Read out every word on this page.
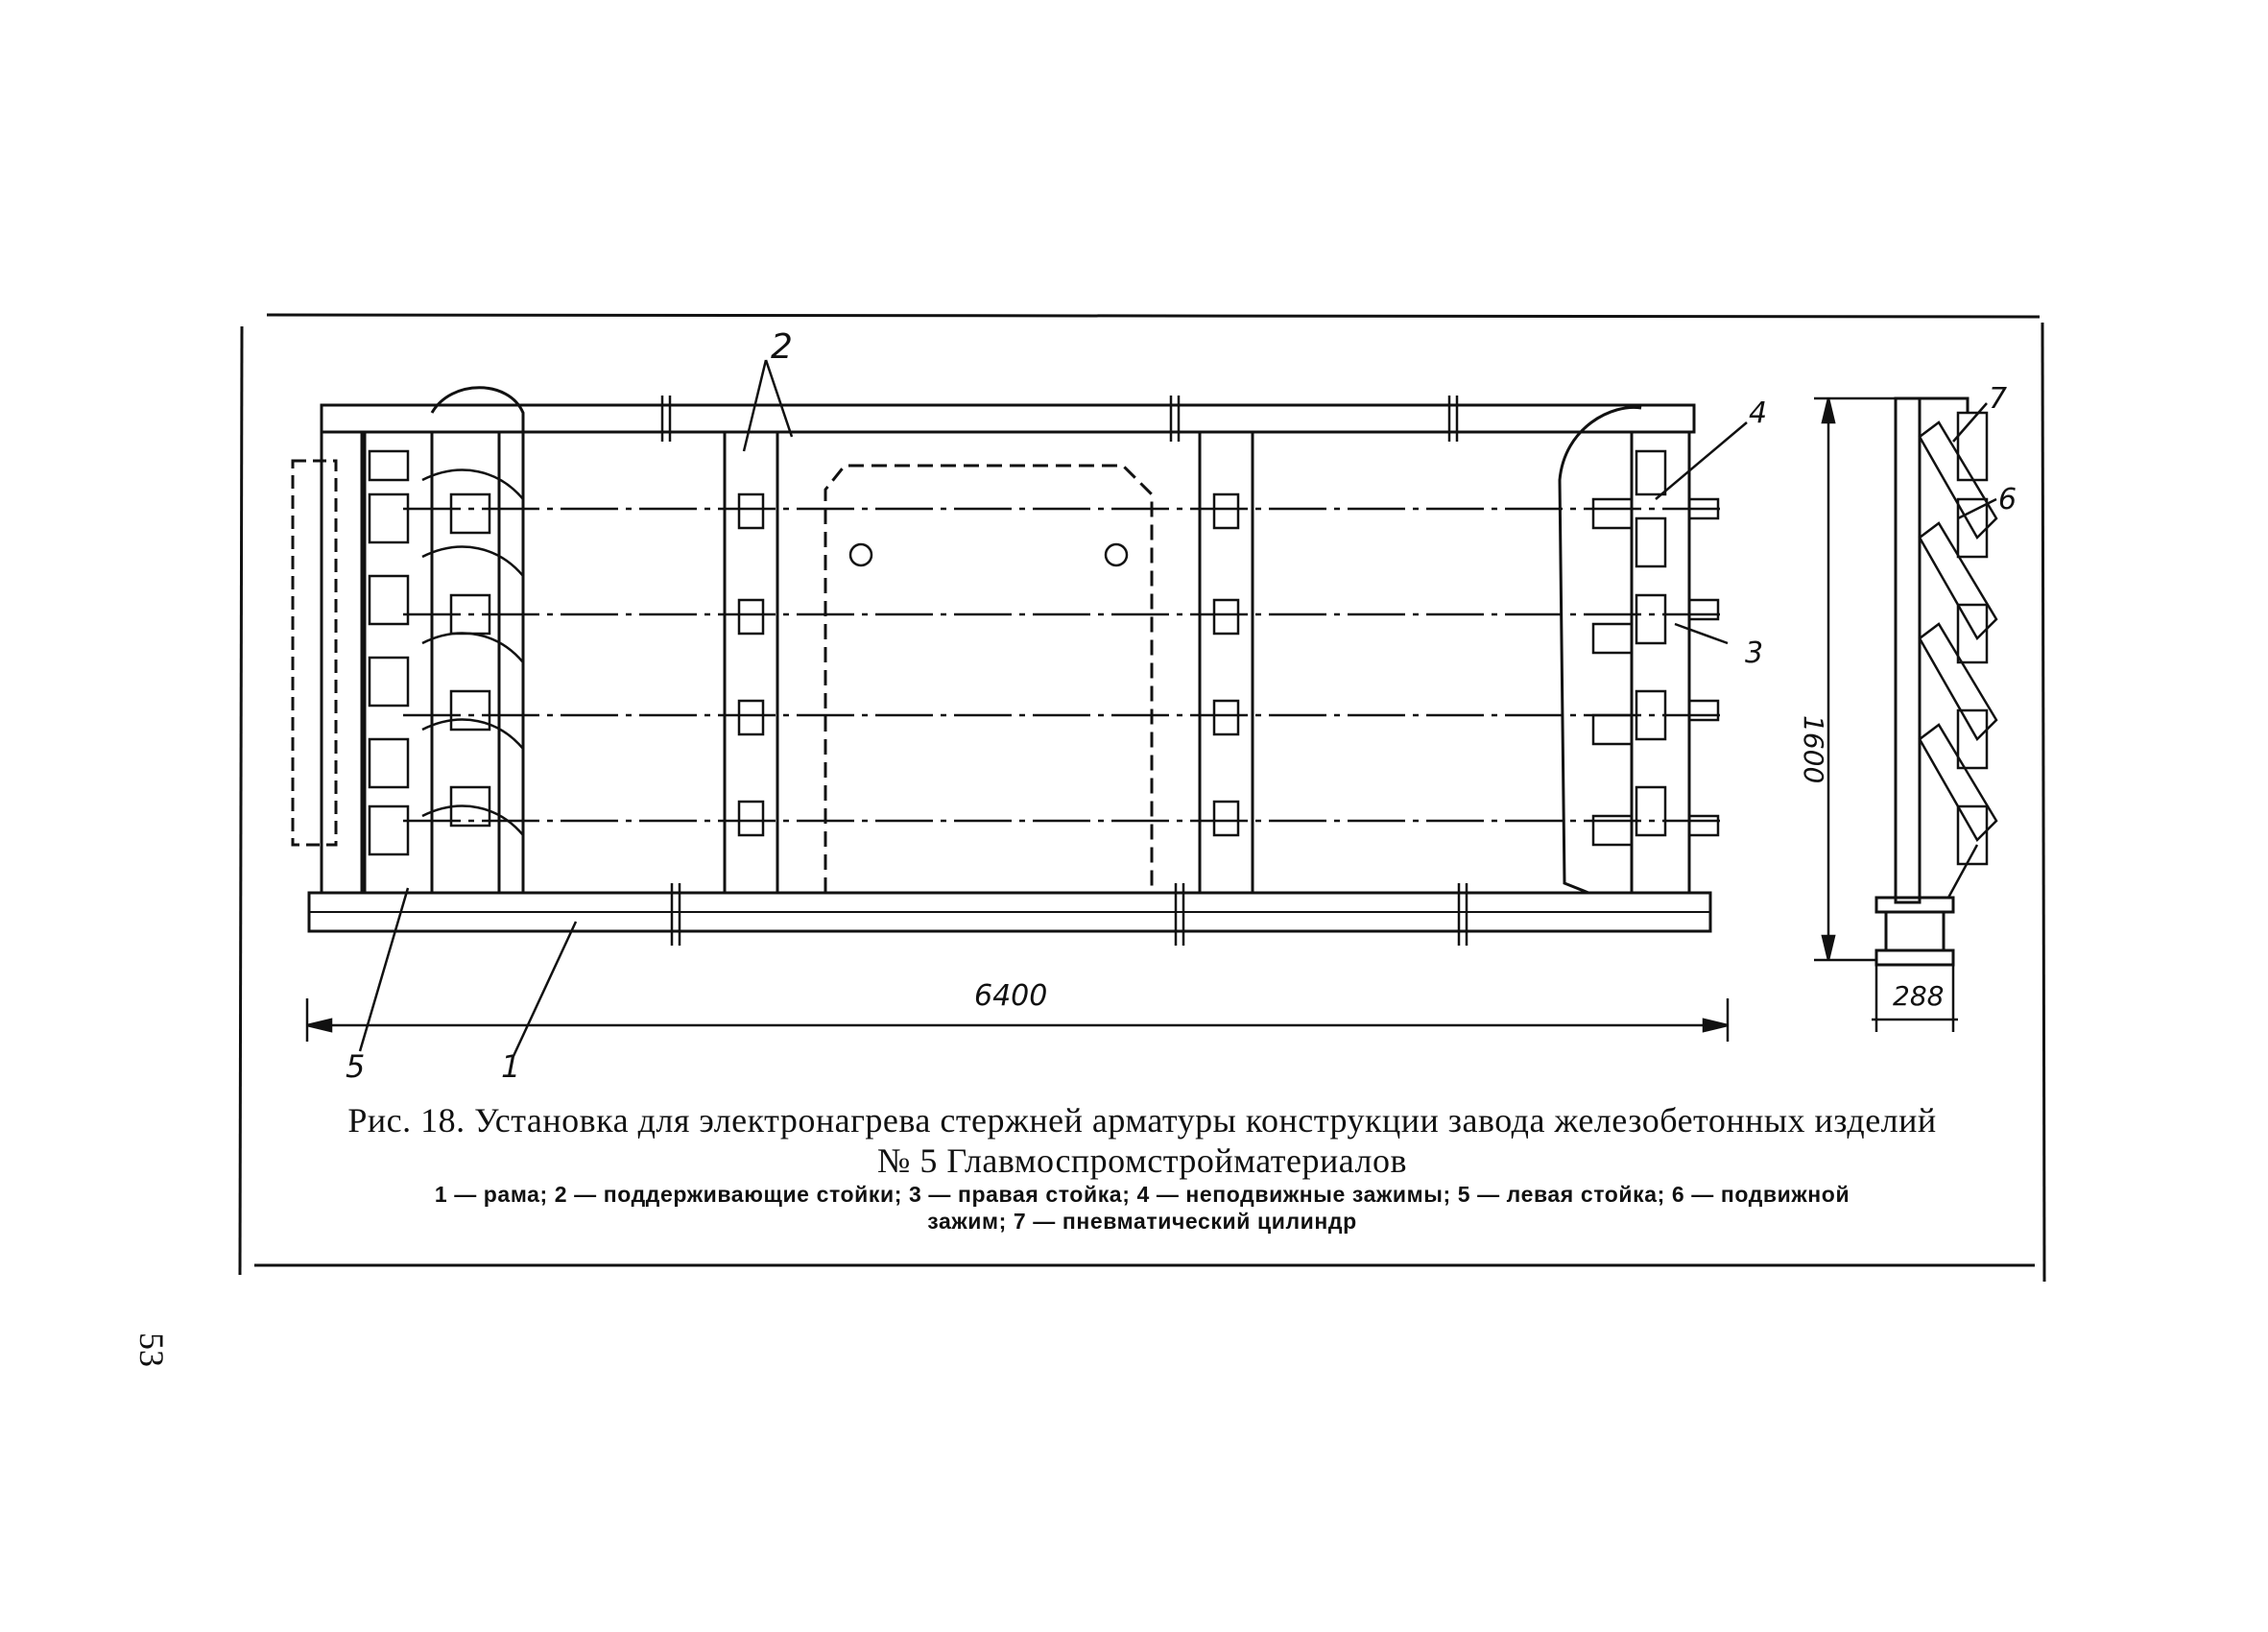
2
4
3
7
6
5	1
6400
1600
288
Рис. 18. Установка для электронагрева стержней арматуры конструкции завода железобетонных изделий
№ 5 Главмоспромстройматериалов
1 — рама; 2 — поддерживающие стойки; 3 — правая стойка; 4 — неподвижные зажимы; 5 — левая стойка; 6 — подвижной
зажим; 7 — пневматический цилиндр
53
